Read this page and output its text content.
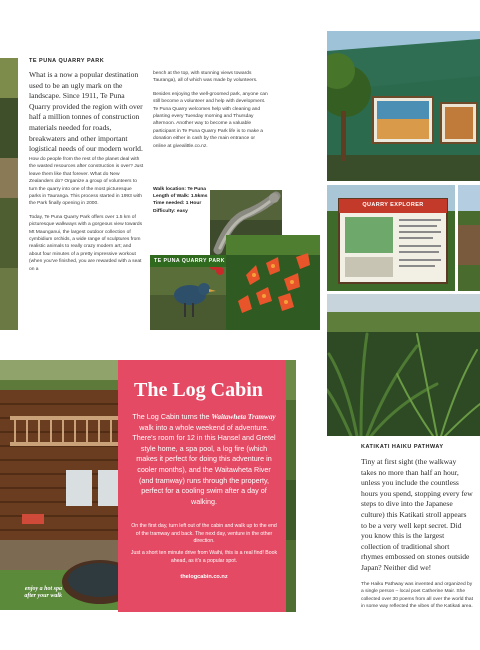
TE PUNA QUARRY PARK
What is a now a popular destination used to be an ugly mark on the landscape. Since 1911, Te Puna Quarry provided the region with over half a million tonnes of construction materials needed for roads, breakwaters and other important logistical needs of our modern world.

How do people from the rest of the planet deal with the wasted resources after construction is over? Just leave them like that forever. What do New Zealanders do? Organize a group of volunteers to turn the quarry into one of the most picturesque parks in Tauranga. This process started in 1993 with the Park finally opening in 2000.

Today, Te Puna Quarry Park offers over 1.5 km of picturesque walkways with a gorgeous view towards Mt Maunganui, the largest outdoor collection of cymbidium orchids, a wide range of sculptures from realistic animals to really crazy modern art; and about four minutes of a pretty impressive workout (when you've finished, you are rewarded with a seat on a

bench at the top, with stunning views towards Tauranga), all of which was made by volunteers.

Besides enjoying the well-groomed park, anyone can still become a volunteer and help with development. Te Puna Quarry welcomes help with cleaning and planting every Tuesday morning and Thursday afternoon. Another way to become a valuable participant in Te Puna Quarry Park life is to make a donation either in cash by the main entrance or online at givealittle.co.nz.

Walk location: Te Puna
Length of Walk: 1.5kms
Time needed: 1 Hour
Difficulty: easy
TE PUNA QUARRY PARK
QUARRY EXPLORER
enjoy a hot spa after your walk
The Log Cabin
The Log Cabin turns the Waitawheta Tramway walk into a whole weekend of adventure. There's room for 12 in this Hansel and Gretel style home, a spa pool, a log fire (which makes it perfect for doing this adventure in cooler months), and the Waitawheta River (and tramway) runs through the property, perfect for a cooling swim after a day of walking.
On the first day, turn left out of the cabin and walk up to the end of the tramway and back. The next day, venture in the other direction.
Just a short ten minute drive from Waihi, this is a real find! Book ahead, as it's a popular spot.
thelogcabin.co.nz
KATIKATI HAIKU PATHWAY
Tiny at first sight (the walkway takes no more than half an hour, unless you include the countless hours you spend, stopping every few steps to dive into the Japanese culture) this Katikati stroll appears to be a very well kept secret. Did you know this is the largest collection of traditional short rhymes embossed on stones outside Japan? Neither did we!
The Haiku Pathway was invented and organized by a single person – local poet Catherine Mair. She collected over 30 poems from all over the world that in some way reflected the vibes of the Katikati area.
